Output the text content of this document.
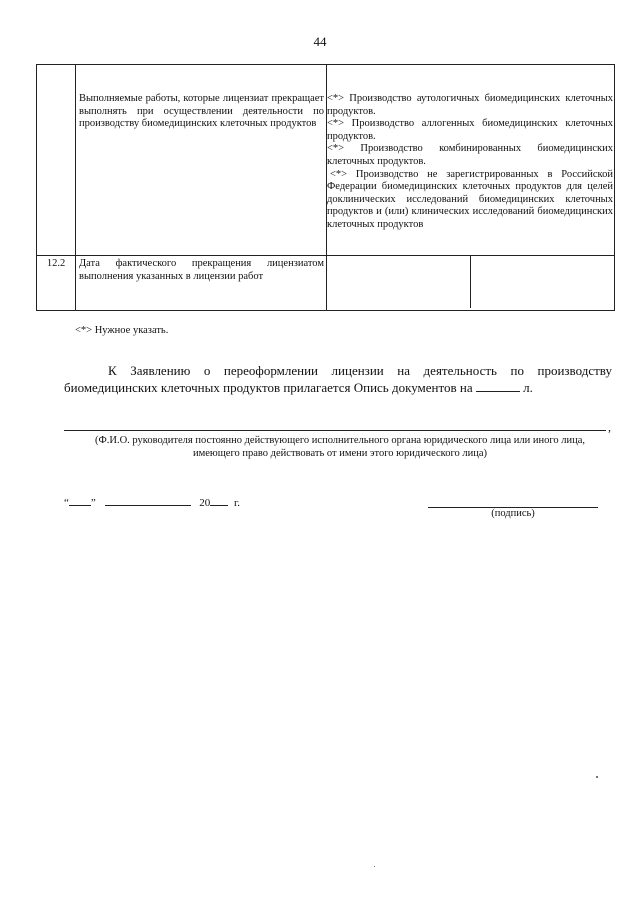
44

	Выполняемые работы, которые лицензиат прекращает выполнять при осуществлении деятельности по производству биомедицинских клеточных продуктов	<*> Производство аутологичных биомедицинских клеточных продуктов.
<*> Производство аллогенных биомедицинских клеточных продуктов.
<*> Производство комбинированных биомедицинских клеточных продуктов.
<*> Производство не зарегистрированных в Российской Федерации биомедицинских клеточных продуктов для целей доклинических исследований биомедицинских клеточных продуктов и (или) клинических исследований биомедицинских клеточных продуктов

12.2	Дата фактического прекращения лицензиатом выполнения указанных в лицензии работ	

<*> Нужное указать.
К Заявлению о переоформлении лицензии на деятельность по производству биомедицинских клеточных продуктов прилагается Опись документов на	л.
,
(Ф.И.О. руководителя постоянно действующего исполнительного органа юридического лица или иного лица,
имеющего право действовать от имени этого юридического лица)
“ ”	20 г.
(подпись)
